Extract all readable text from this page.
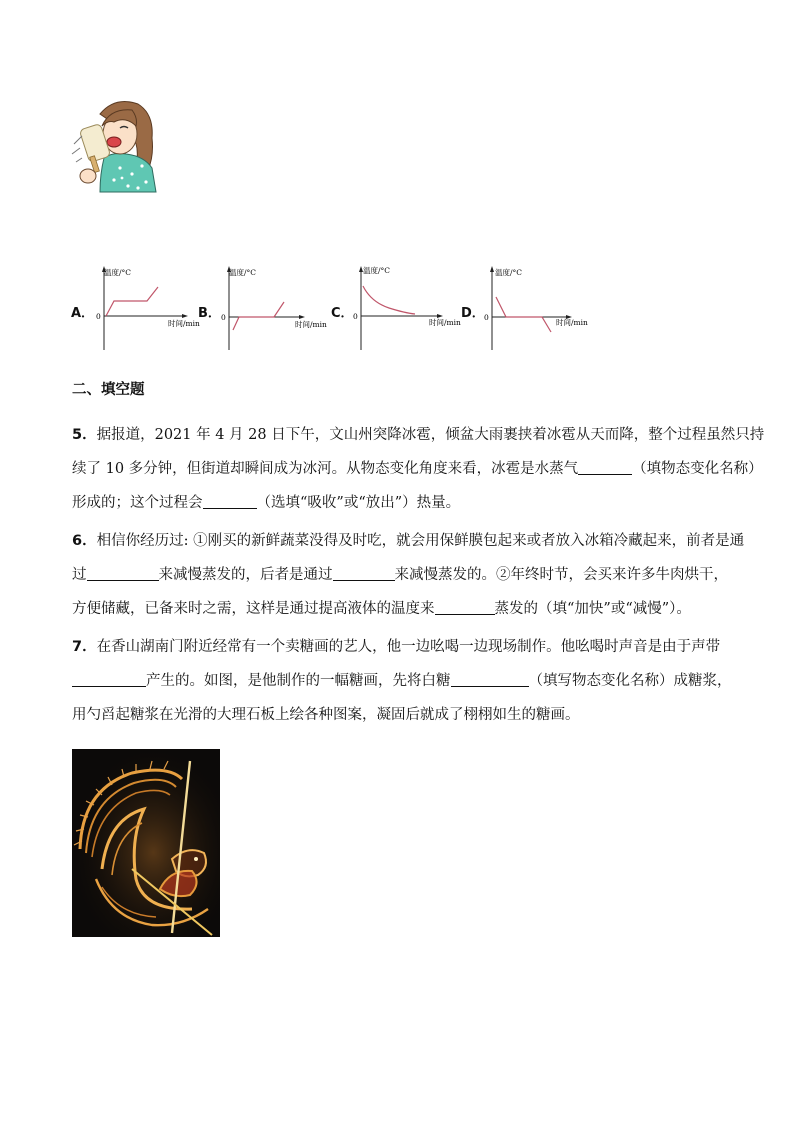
A．
温度/°C
0
时间/min
B．
温度/°C
0
时间/min
C．
温度/°C
0
时间/min
D．
温度/°C
0
时间/min
二、填空题
5．据报道，2021 年 4 月 28 日下午，文山州突降冰雹，倾盆大雨裹挟着冰雹从天而降，整个过程虽然只持
续了 10 多分钟，但街道却瞬间成为冰河。从物态变化角度来看，冰雹是水蒸气	（填物态变化名称）
形成的；这个过程会	（选填“吸收”或“放出”）热量。
6．相信你经历过: ①刚买的新鲜蔬菜没得及时吃，就会用保鲜膜包起来或者放入冰箱冷藏起来，前者是通
过	来减慢蒸发的，后者是通过	来减慢蒸发的。②年终时节，会买来许多牛肉烘干，
方便储藏，已备来时之需，这样是通过提高液体的温度来	蒸发的（填“加快”或“减慢”）。
7．在香山湖南门附近经常有一个卖糖画的艺人，他一边吆喝一边现场制作。他吆喝时声音是由于声带
产生的。如图，是他制作的一幅糖画，先将白糖	（填写物态变化名称）成糖浆，
用勺舀起糖浆在光滑的大理石板上绘各种图案，凝固后就成了栩栩如生的糖画。
